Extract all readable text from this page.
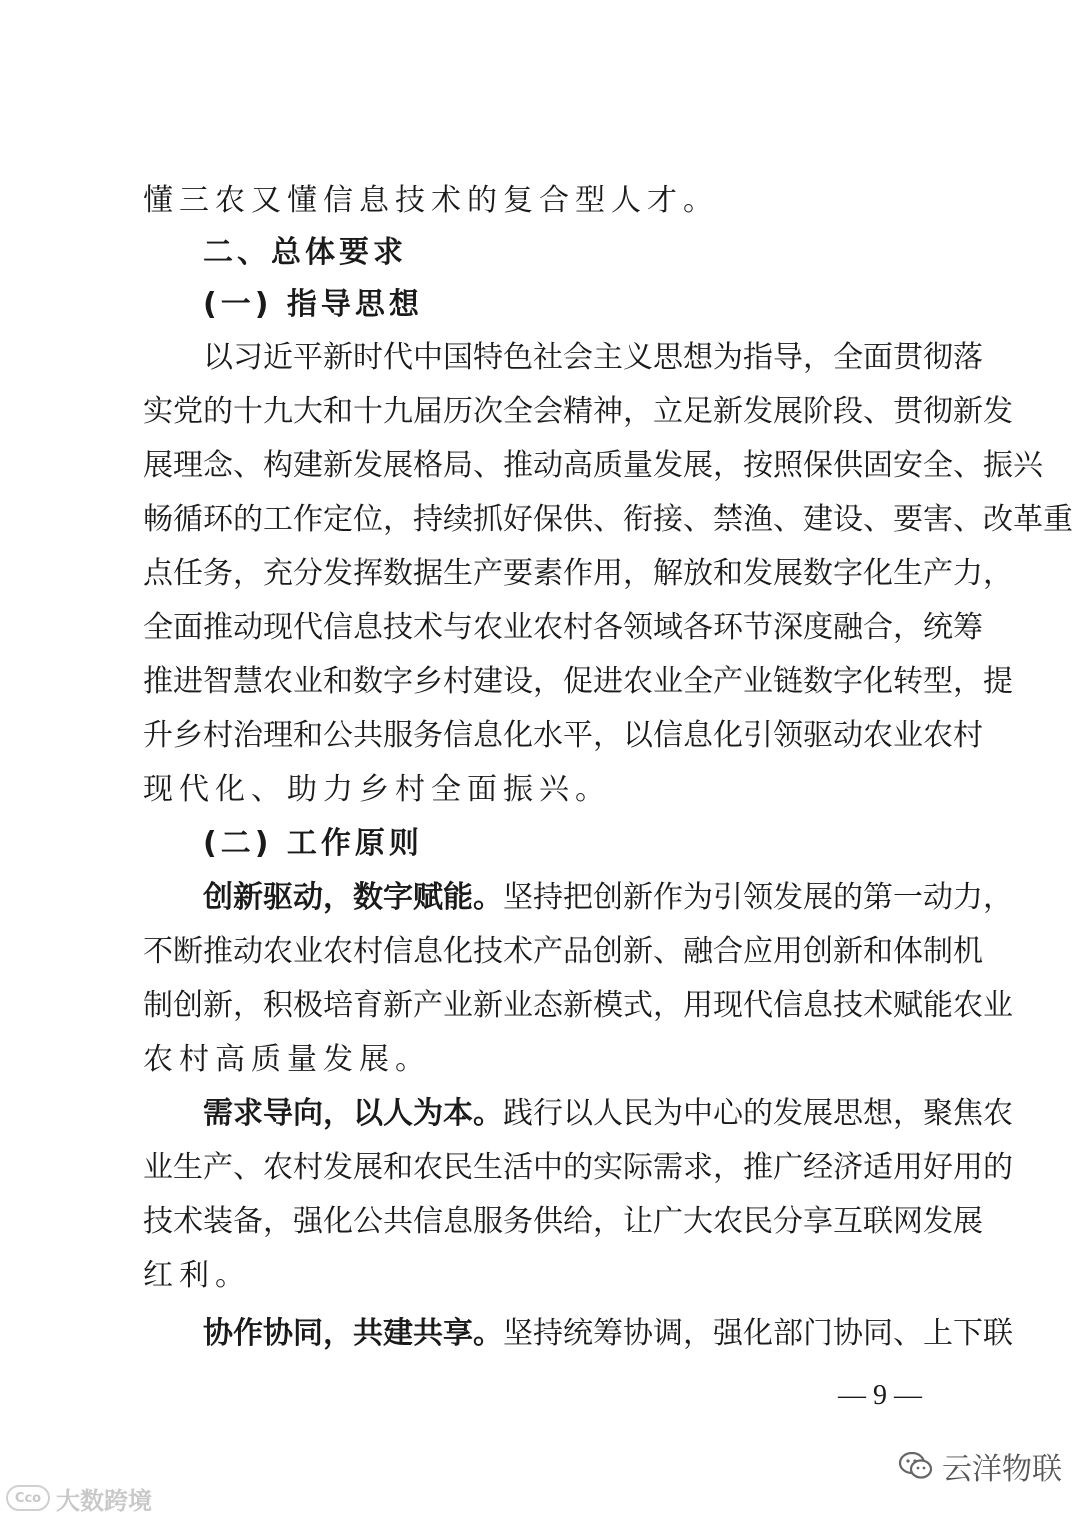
懂三农又懂信息技术的复合型人才。
二、总体要求
(一) 指导思想
以习近平新时代中国特色社会主义思想为指导，全面贯彻落
实党的十九大和十九届历次全会精神，立足新发展阶段、贯彻新发
展理念、构建新发展格局、推动高质量发展，按照保供固安全、振兴
畅循环的工作定位，持续抓好保供、衔接、禁渔、建设、要害、改革重
点任务，充分发挥数据生产要素作用，解放和发展数字化生产力，
全面推动现代信息技术与农业农村各领域各环节深度融合，统筹
推进智慧农业和数字乡村建设，促进农业全产业链数字化转型，提
升乡村治理和公共服务信息化水平，以信息化引领驱动农业农村
现代化、助力乡村全面振兴。
(二) 工作原则
创新驱动，数字赋能。坚持把创新作为引领发展的第一动力，
不断推动农业农村信息化技术产品创新、融合应用创新和体制机
制创新，积极培育新产业新业态新模式，用现代信息技术赋能农业
农村高质量发展。
需求导向，以人为本。践行以人民为中心的发展思想，聚焦农
业生产、农村发展和农民生活中的实际需求，推广经济适用好用的
技术装备，强化公共信息服务供给，让广大农民分享互联网发展
红利。
协作协同，共建共享。坚持统筹协调，强化部门协同、上下联
— 9 —
Cco 大数跨境
云洋物联
